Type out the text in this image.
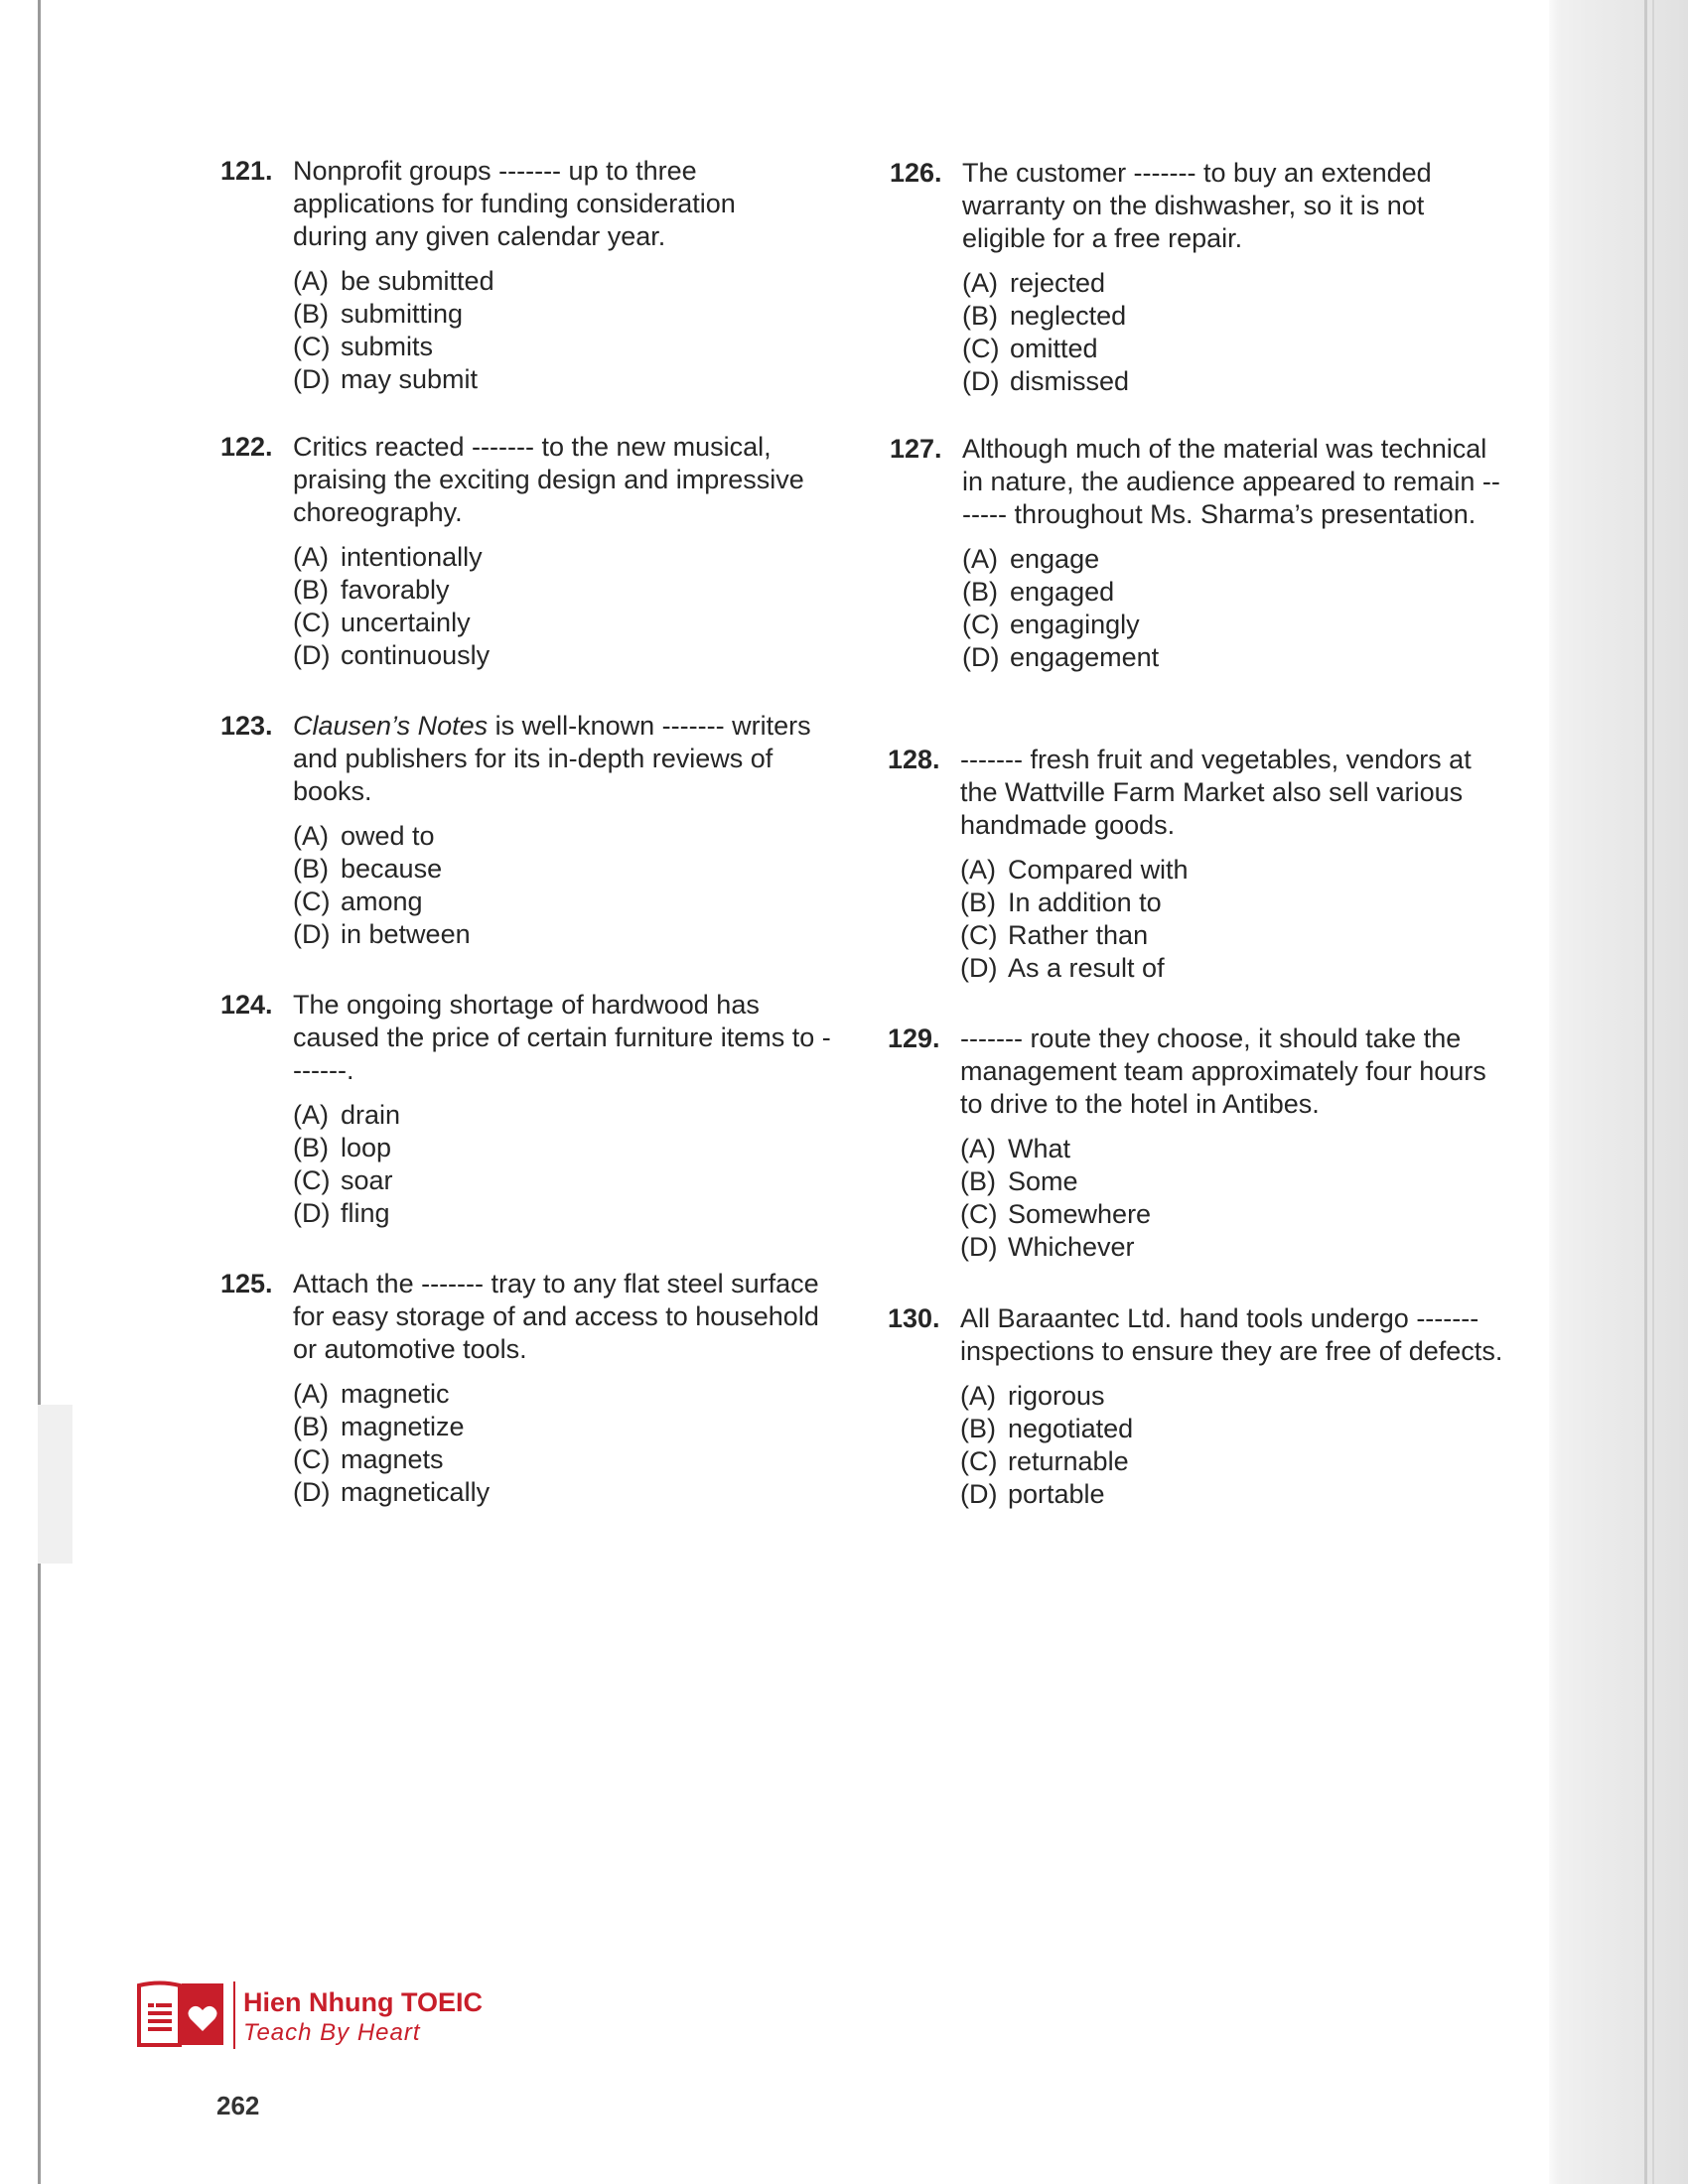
121. Nonprofit groups ------- up to three applications for funding consideration during any given calendar year.
(A) be submitted
(B) submitting
(C) submits
(D) may submit
122. Critics reacted ------- to the new musical, praising the exciting design and impressive choreography.
(A) intentionally
(B) favorably
(C) uncertainly
(D) continuously
123. Clausen’s Notes is well-known ------- writers and publishers for its in-depth reviews of books.
(A) owed to
(B) because
(C) among
(D) in between
124. The ongoing shortage of hardwood has caused the price of certain furniture items to -------.
(A) drain
(B) loop
(C) soar
(D) fling
125. Attach the ------- tray to any flat steel surface for easy storage of and access to household or automotive tools.
(A) magnetic
(B) magnetize
(C) magnets
(D) magnetically
126. The customer ------- to buy an extended warranty on the dishwasher, so it is not eligible for a free repair.
(A) rejected
(B) neglected
(C) omitted
(D) dismissed
127. Although much of the material was technical in nature, the audience appeared to remain ------- throughout Ms. Sharma’s presentation.
(A) engage
(B) engaged
(C) engagingly
(D) engagement
128. ------- fresh fruit and vegetables, vendors at the Wattville Farm Market also sell various handmade goods.
(A) Compared with
(B) In addition to
(C) Rather than
(D) As a result of
129. ------- route they choose, it should take the management team approximately four hours to drive to the hotel in Antibes.
(A) What
(B) Some
(C) Somewhere
(D) Whichever
130. All Baraantec Ltd. hand tools undergo ------- inspections to ensure they are free of defects.
(A) rigorous
(B) negotiated
(C) returnable
(D) portable
Hien Nhung TOEIC
Teach By Heart
262
